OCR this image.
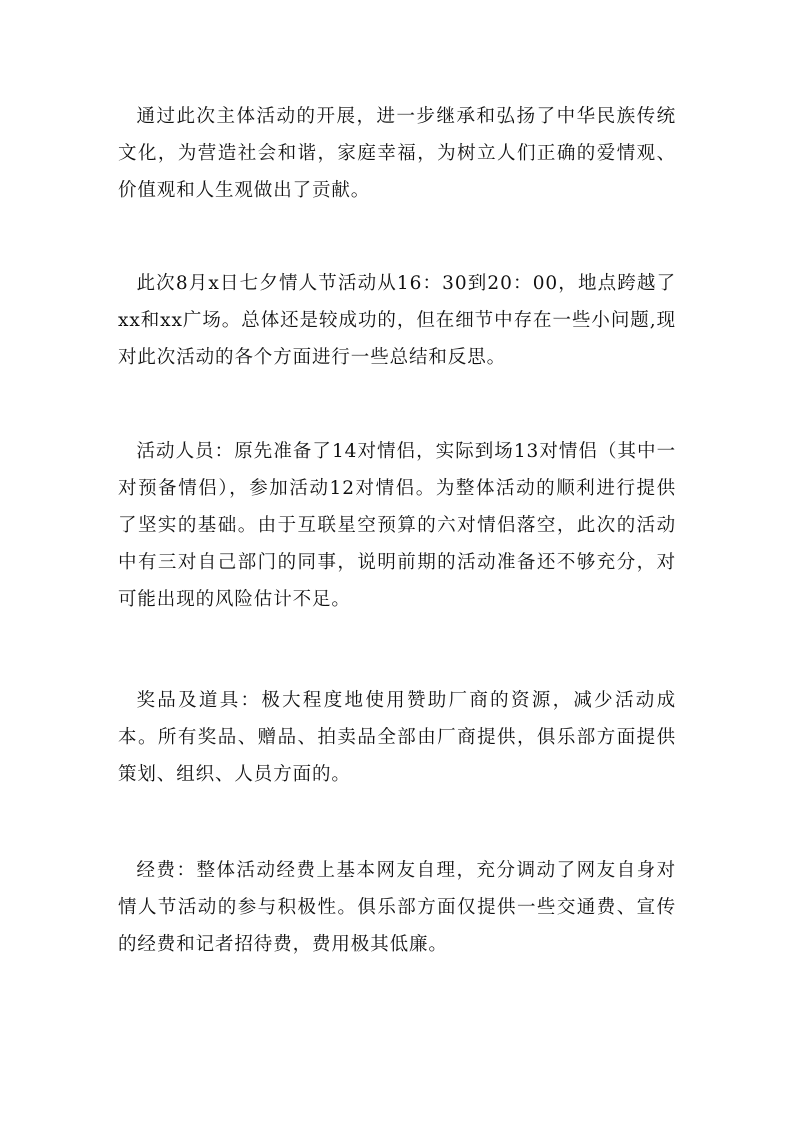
通过此次主体活动的开展，进一步继承和弘扬了中华民族传统文化，为营造社会和谐，家庭幸福，为树立人们正确的爱情观、价值观和人生观做出了贡献。

此次8月x日七夕情人节活动从16：30到20：00，地点跨越了xx和xx广场。总体还是较成功的，但在细节中存在一些小问题,现对此次活动的各个方面进行一些总结和反思。

活动人员：原先准备了14对情侣，实际到场13对情侣（其中一对预备情侣），参加活动12对情侣。为整体活动的顺利进行提供了坚实的基础。由于互联星空预算的六对情侣落空，此次的活动中有三对自己部门的同事，说明前期的活动准备还不够充分，对可能出现的风险估计不足。

奖品及道具：极大程度地使用赞助厂商的资源，减少活动成本。所有奖品、赠品、拍卖品全部由厂商提供，俱乐部方面提供策划、组织、人员方面的。

经费：整体活动经费上基本网友自理，充分调动了网友自身对情人节活动的参与积极性。俱乐部方面仅提供一些交通费、宣传的经费和记者招待费，费用极其低廉。
